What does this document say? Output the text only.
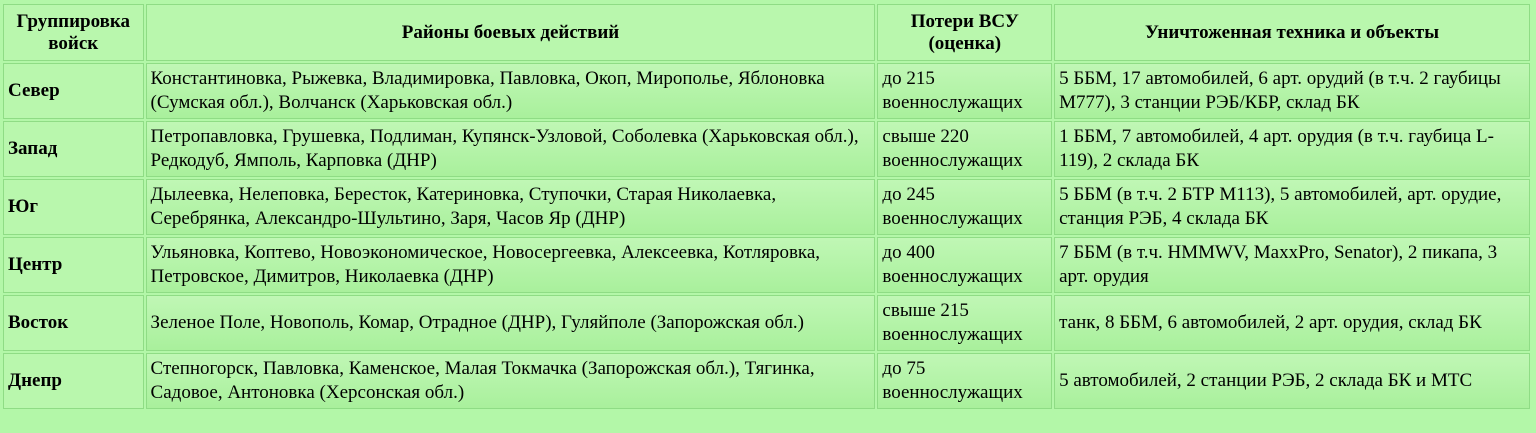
Группировка войск	Районы боевых действий	Потери ВСУ (оценка)	Уничтоженная техника и объекты
Север	Константиновка, Рыжевка, Владимировка, Павловка, Окоп, Мирополье, Яблоновка (Сумская обл.), Волчанск (Харьковская обл.)	до 215 военнослужащих	5 ББМ, 17 автомобилей, 6 арт. орудий (в т.ч. 2 гаубицы M777), 3 станции РЭБ/КБР, склад БК
Запад	Петропавловка, Грушевка, Подлиман, Купянск-Узловой, Соболевка (Харьковская обл.), Редкодуб, Ямполь, Карповка (ДНР)	свыше 220 военнослужащих	1 ББМ, 7 автомобилей, 4 арт. орудия (в т.ч. гаубица L-119), 2 склада БК
Юг	Дылеевка, Нелеповка, Бересток, Катериновка, Ступочки, Старая Николаевка, Серебрянка, Александро-Шультино, Заря, Часов Яр (ДНР)	до 245 военнослужащих	5 ББМ (в т.ч. 2 БТР M113), 5 автомобилей, арт. орудие, станция РЭБ, 4 склада БК
Центр	Ульяновка, Коптево, Новоэкономическое, Новосергеевка, Алексеевка, Котляровка, Петровское, Димитров, Николаевка (ДНР)	до 400 военнослужащих	7 ББМ (в т.ч. HMMWV, MaxxPro, Senator), 2 пикапа, 3 арт. орудия
Восток	Зеленое Поле, Новополь, Комар, Отрадное (ДНР), Гуляйполе (Запорожская обл.)	свыше 215 военнослужащих	танк, 8 ББМ, 6 автомобилей, 2 арт. орудия, склад БК
Днепр	Степногорск, Павловка, Каменское, Малая Токмачка (Запорожская обл.), Тягинка, Садовое, Антоновка (Херсонская обл.)	до 75 военнослужащих	5 автомобилей, 2 станции РЭБ, 2 склада БК и МТС
